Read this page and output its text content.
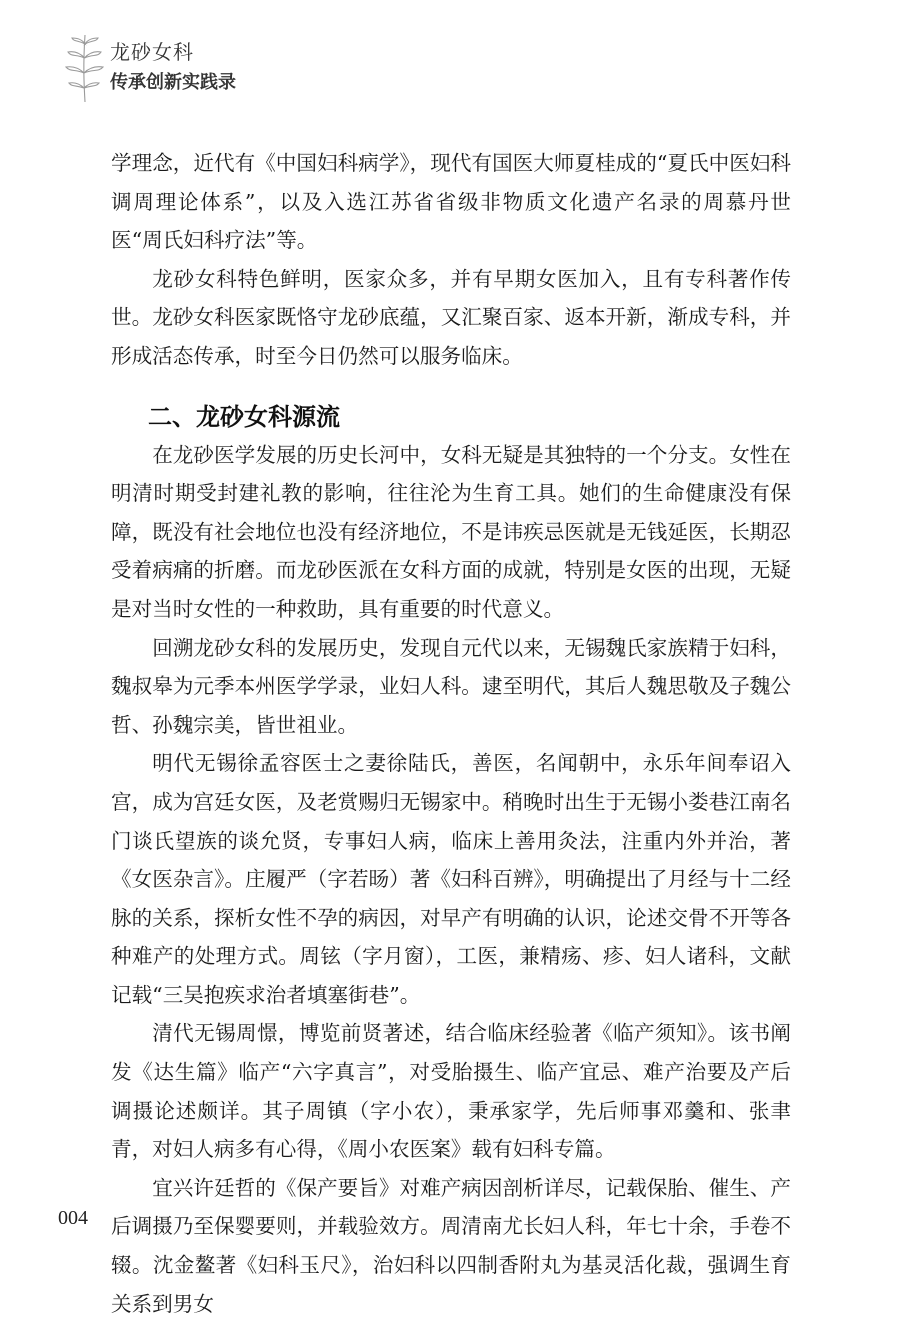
龙砂女科
传承创新实践录

学理念，近代有《中国妇科病学》，现代有国医大师夏桂成的“夏氏中医妇科调周理论体系”，以及入选江苏省省级非物质文化遗产名录的周慕丹世医“周氏妇科疗法”等。

龙砂女科特色鲜明，医家众多，并有早期女医加入，且有专科著作传世。龙砂女科医家既恪守龙砂底蕴，又汇聚百家、返本开新，渐成专科，并形成活态传承，时至今日仍然可以服务临床。

二、龙砂女科源流

在龙砂医学发展的历史长河中，女科无疑是其独特的一个分支。女性在明清时期受封建礼教的影响，往往沦为生育工具。她们的生命健康没有保障，既没有社会地位也没有经济地位，不是讳疾忌医就是无钱延医，长期忍受着病痛的折磨。而龙砂医派在女科方面的成就，特别是女医的出现，无疑是对当时女性的一种救助，具有重要的时代意义。

回溯龙砂女科的发展历史，发现自元代以来，无锡魏氏家族精于妇科，魏叔皋为元季本州医学学录，业妇人科。逮至明代，其后人魏思敬及子魏公哲、孙魏宗美，皆世祖业。

明代无锡徐孟容医士之妻徐陆氏，善医，名闻朝中，永乐年间奉诏入宫，成为宫廷女医，及老赏赐归无锡家中。稍晚时出生于无锡小娄巷江南名门谈氏望族的谈允贤，专事妇人病，临床上善用灸法，注重内外并治，著《女医杂言》。庄履严（字若旸）著《妇科百辨》，明确提出了月经与十二经脉的关系，探析女性不孕的病因，对早产有明确的认识，论述交骨不开等各种难产的处理方式。周铉（字月窗），工医，兼精疡、疹、妇人诸科，文献记载“三吴抱疾求治者填塞街巷”。

清代无锡周憬，博览前贤著述，结合临床经验著《临产须知》。该书阐发《达生篇》临产“六字真言”，对受胎摄生、临产宜忌、难产治要及产后调摄论述颇详。其子周镇（字小农），秉承家学，先后师事邓羹和、张聿青，对妇人病多有心得，《周小农医案》载有妇科专篇。

宜兴许廷哲的《保产要旨》对难产病因剖析详尽，记载保胎、催生、产后调摄乃至保婴要则，并载验效方。周清南尤长妇人科，年七十余，手卷不辍。沈金鳌著《妇科玉尺》，治妇科以四制香附丸为基灵活化裁，强调生育关系到男女

004
